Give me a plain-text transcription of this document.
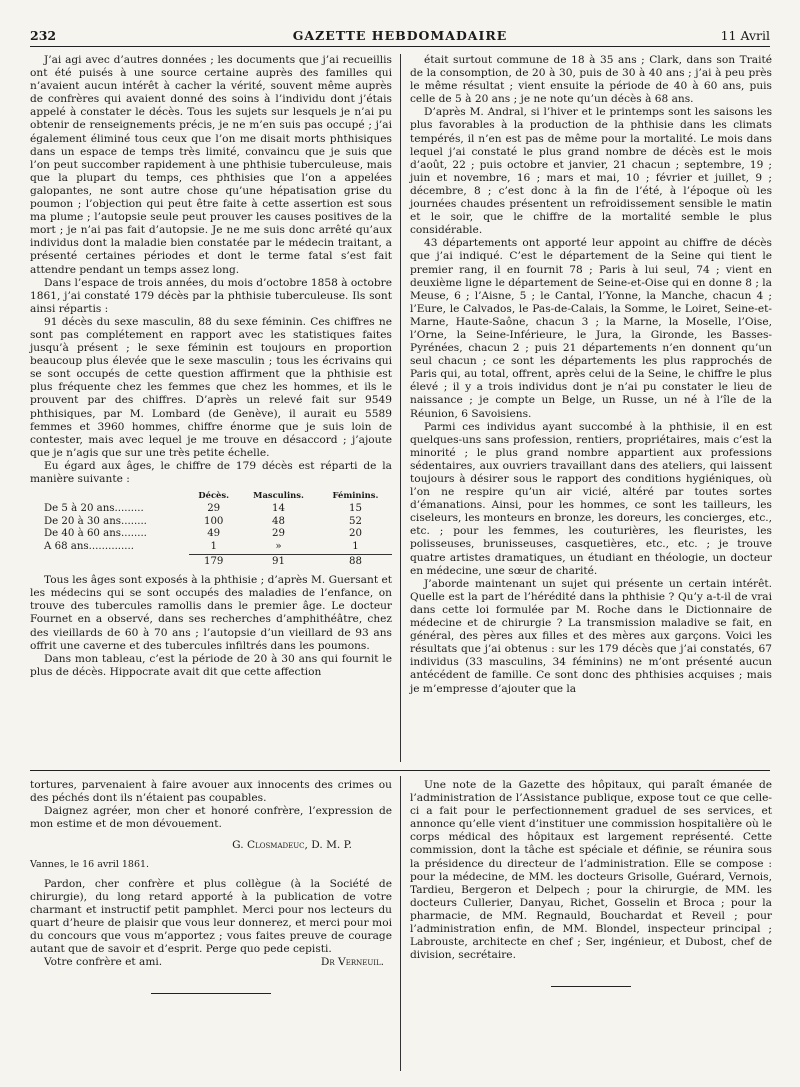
232	GAZETTE HEBDOMADAIRE	11 Avril

J’ai agi avec d’autres données ; les documents que j’ai recueillis ont été puisés à une source certaine auprès des familles qui n’avaient aucun intérêt à cacher la vérité, souvent même auprès de confrères qui avaient donné des soins à l’individu dont j’étais appelé à constater le décès. Tous les sujets sur lesquels je n’ai pu obtenir de renseignements précis, je ne m’en suis pas occupé ; j’ai également éliminé tous ceux que l’on me disait morts phthisiques dans un espace de temps très limité, convaincu que je suis que l’on peut succomber rapidement à une phthisie tuberculeuse, mais que la plupart du temps, ces phthisies que l’on a appelées galopantes, ne sont autre chose qu’une hépatisation grise du poumon ; l’objection qui peut être faite à cette assertion est sous ma plume ; l’autopsie seule peut prouver les causes positives de la mort ; je n’ai pas fait d’autopsie. Je ne me suis donc arrêté qu’aux individus dont la maladie bien constatée par le médecin traitant, a présenté certaines périodes et dont le terme fatal s’est fait attendre pendant un temps assez long.

Dans l’espace de trois années, du mois d’octobre 1858 à octobre 1861, j’ai constaté 179 décès par la phthisie tuberculeuse. Ils sont ainsi répartis :

91 décès du sexe masculin, 88 du sexe féminin. Ces chiffres ne sont pas complétement en rapport avec les statistiques faites jusqu’à présent ; le sexe féminin est toujours en proportion beaucoup plus élevée que le sexe masculin ; tous les écrivains qui se sont occupés de cette question affirment que la phthisie est plus fréquente chez les femmes que chez les hommes, et ils le prouvent par des chiffres. D’après un relevé fait sur 9549 phthisiques, par M. Lombard (de Genève), il aurait eu 5589 femmes et 3960 hommes, chiffre énorme que je suis loin de contester, mais avec lequel je me trouve en désaccord ; j’ajoute que je n’agis que sur une très petite échelle.

Eu égard aux âges, le chiffre de 179 décès est réparti de la manière suivante :

	Décès.	Masculins.	Féminins.
De 5 à 20 ans.........	29	14	15
De 20 à 30 ans........	100	48	52
De 40 à 60 ans........	49	29	20
A 68 ans..............	1	»	1
	179	91	88

Tous les âges sont exposés à la phthisie ; d’après M. Guersant et les médecins qui se sont occupés des maladies de l’enfance, on trouve des tubercules ramollis dans le premier âge. Le docteur Fournet en a observé, dans ses recherches d’amphithéâtre, chez des vieillards de 60 à 70 ans ; l’autopsie d’un vieillard de 93 ans offrit une caverne et des tubercules infiltrés dans les poumons.

Dans mon tableau, c’est la période de 20 à 30 ans qui fournit le plus de décès. Hippocrate avait dit que cette affection

était surtout commune de 18 à 35 ans ; Clark, dans son Traité de la consomption, de 20 à 30, puis de 30 à 40 ans ; j’ai à peu près le même résultat ; vient ensuite la période de 40 à 60 ans, puis celle de 5 à 20 ans ; je ne note qu’un décès à 68 ans.

D’après M. Andral, si l’hiver et le printemps sont les saisons les plus favorables à la production de la phthisie dans les climats tempérés, il n’en est pas de même pour la mortalité. Le mois dans lequel j’ai constaté le plus grand nombre de décès est le mois d’août, 22 ; puis octobre et janvier, 21 chacun ; septembre, 19 ; juin et novembre, 16 ; mars et mai, 10 ; février et juillet, 9 ; décembre, 8 ; c’est donc à la fin de l’été, à l’époque où les journées chaudes présentent un refroidissement sensible le matin et le soir, que le chiffre de la mortalité semble le plus considérable.

43 départements ont apporté leur appoint au chiffre de décès que j’ai indiqué. C’est le département de la Seine qui tient le premier rang, il en fournit 78 ; Paris à lui seul, 74 ; vient en deuxième ligne le département de Seine-et-Oise qui en donne 8 ; la Meuse, 6 ; l’Aisne, 5 ; le Cantal, l’Yonne, la Manche, chacun 4 ; l’Eure, le Calvados, le Pas-de-Calais, la Somme, le Loiret, Seine-et-Marne, Haute-Saône, chacun 3 ; la Marne, la Moselle, l’Oise, l’Orne, la Seine-Inférieure, le Jura, la Gironde, les Basses-Pyrénées, chacun 2 ; puis 21 départements n’en donnent qu’un seul chacun ; ce sont les départements les plus rapprochés de Paris qui, au total, offrent, après celui de la Seine, le chiffre le plus élevé ; il y a trois individus dont je n’ai pu constater le lieu de naissance ; je compte un Belge, un Russe, un né à l’île de la Réunion, 6 Savoisiens.

Parmi ces individus ayant succombé à la phthisie, il en est quelques-uns sans profession, rentiers, propriétaires, mais c’est la minorité ; le plus grand nombre appartient aux professions sédentaires, aux ouvriers travaillant dans des ateliers, qui laissent toujours à désirer sous le rapport des conditions hygiéniques, où l’on ne respire qu’un air vicié, altéré par toutes sortes d’émanations. Ainsi, pour les hommes, ce sont les tailleurs, les ciseleurs, les monteurs en bronze, les doreurs, les concierges, etc., etc. ; pour les femmes, les couturières, les fleuristes, les polisseuses, brunisseuses, casquetières, etc., etc. ; je trouve quatre artistes dramatiques, un étudiant en théologie, un docteur en médecine, une sœur de charité.

J’aborde maintenant un sujet qui présente un certain intérêt. Quelle est la part de l’hérédité dans la phthisie ? Qu’y a-t-il de vrai dans cette loi formulée par M. Roche dans le Dictionnaire de médecine et de chirurgie ? La transmission maladive se fait, en général, des pères aux filles et des mères aux garçons. Voici les résultats que j’ai obtenus : sur les 179 décès que j’ai constatés, 67 individus (33 masculins, 34 féminins) ne m’ont présenté aucun antécédent de famille. Ce sont donc des phthisies acquises ; mais je m’empresse d’ajouter que la

tortures, parvenaient à faire avouer aux innocents des crimes ou des péchés dont ils n’étaient pas coupables.

Daignez agréer, mon cher et honoré confrère, l’expression de mon estime et de mon dévouement.

G. Closmadeuc, D. M. P.
Vannes, le 16 avril 1861.

Pardon, cher confrère et plus collègue (à la Société de chirurgie), du long retard apporté à la publication de votre charmant et instructif petit pamphlet. Merci pour nos lecteurs du quart d’heure de plaisir que vous leur donnerez, et merci pour moi du concours que vous m’apportez ; vous faites preuve de courage autant que de savoir et d’esprit. Perge quo pede cepisti.

Votre confrère et ami.	Dr Verneuil.

Une note de la Gazette des hôpitaux, qui paraît émanée de l’administration de l’Assistance publique, expose tout ce que celle-ci a fait pour le perfectionnement graduel de ses services, et annonce qu’elle vient d’instituer une commission hospitalière où le corps médical des hôpitaux est largement représenté. Cette commission, dont la tâche est spéciale et définie, se réunira sous la présidence du directeur de l’administration. Elle se compose : pour la médecine, de MM. les docteurs Grisolle, Guérard, Vernois, Tardieu, Bergeron et Delpech ; pour la chirurgie, de MM. les docteurs Cullerier, Danyau, Richet, Gosselin et Broca ; pour la pharmacie, de MM. Regnauld, Bouchardat et Reveil ; pour l’administration enfin, de MM. Blondel, inspecteur principal ; Labrouste, architecte en chef ; Ser, ingénieur, et Dubost, chef de division, secrétaire.
